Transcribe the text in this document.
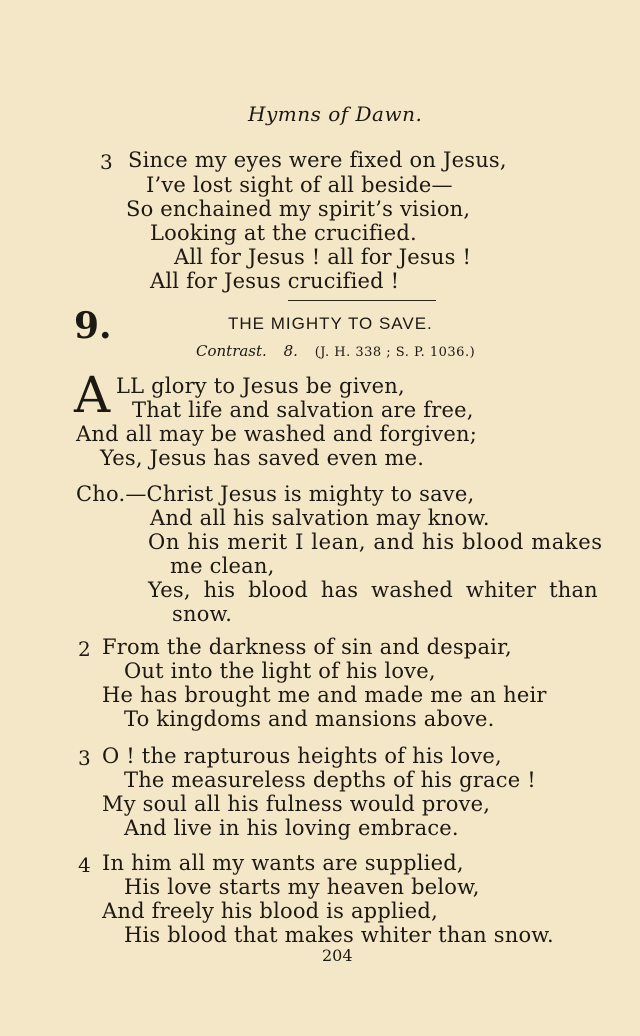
Hymns of Dawn.
3 Since my eyes were fixed on Jesus,
I’ve lost sight of all beside—
So enchained my spirit’s vision,
Looking at the crucified.
All for Jesus ! all for Jesus !
All for Jesus crucified !
9.	THE MIGHTY TO SAVE.
Contrast. 8. (J. H. 338 ; S. P. 1036.)
A LL glory to Jesus be given,
That life and salvation are free,
And all may be washed and forgiven;
Yes, Jesus has saved even me.
Cho.—Christ Jesus is mighty to save,
And all his salvation may know.
On his merit I lean, and his blood makes
me clean,
Yes, his blood has washed whiter than
snow.
2 From the darkness of sin and despair,
Out into the light of his love,
He has brought me and made me an heir
To kingdoms and mansions above.
3 O ! the rapturous heights of his love,
The measureless depths of his grace !
My soul all his fulness would prove,
And live in his loving embrace.
4 In him all my wants are supplied,
His love starts my heaven below,
And freely his blood is applied,
His blood that makes whiter than snow.
204
